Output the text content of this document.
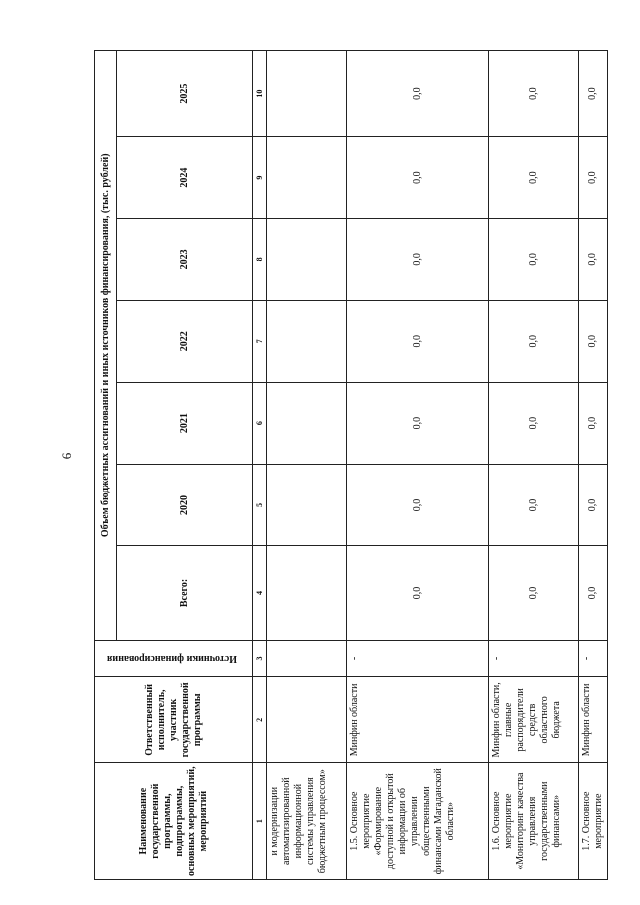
6
Наименование государственной программы, подпрограммы, основных мероприятий, мероприятий	Ответственный исполнитель, участник государственной программы	Источники финансирования	Объем бюджетных ассигнований и иных источников финансирования, (тыс. рублей)						
			Всего:	2020	2021	2022	2023	2024	2025
1	2	3	4	5	6	7	8	9	10
и модернизации автоматизированной информационной системы управления бюджетным процессом»									
1.5. Основное мероприятие «Формирование доступной и открытой информации об управлении общественными финансами Магаданской области»	Минфин области	-	0,0	0,0	0,0	0,0	0,0	0,0	0,0
1.6. Основное мероприятие «Мониторинг качества управления государственными финансами»	Минфин области, главные распорядители средств областного бюджета	-	0,0	0,0	0,0	0,0	0,0	0,0	0,0
1.7. Основное мероприятие	Минфин области	-	0,0	0,0	0,0	0,0	0,0	0,0	0,0
